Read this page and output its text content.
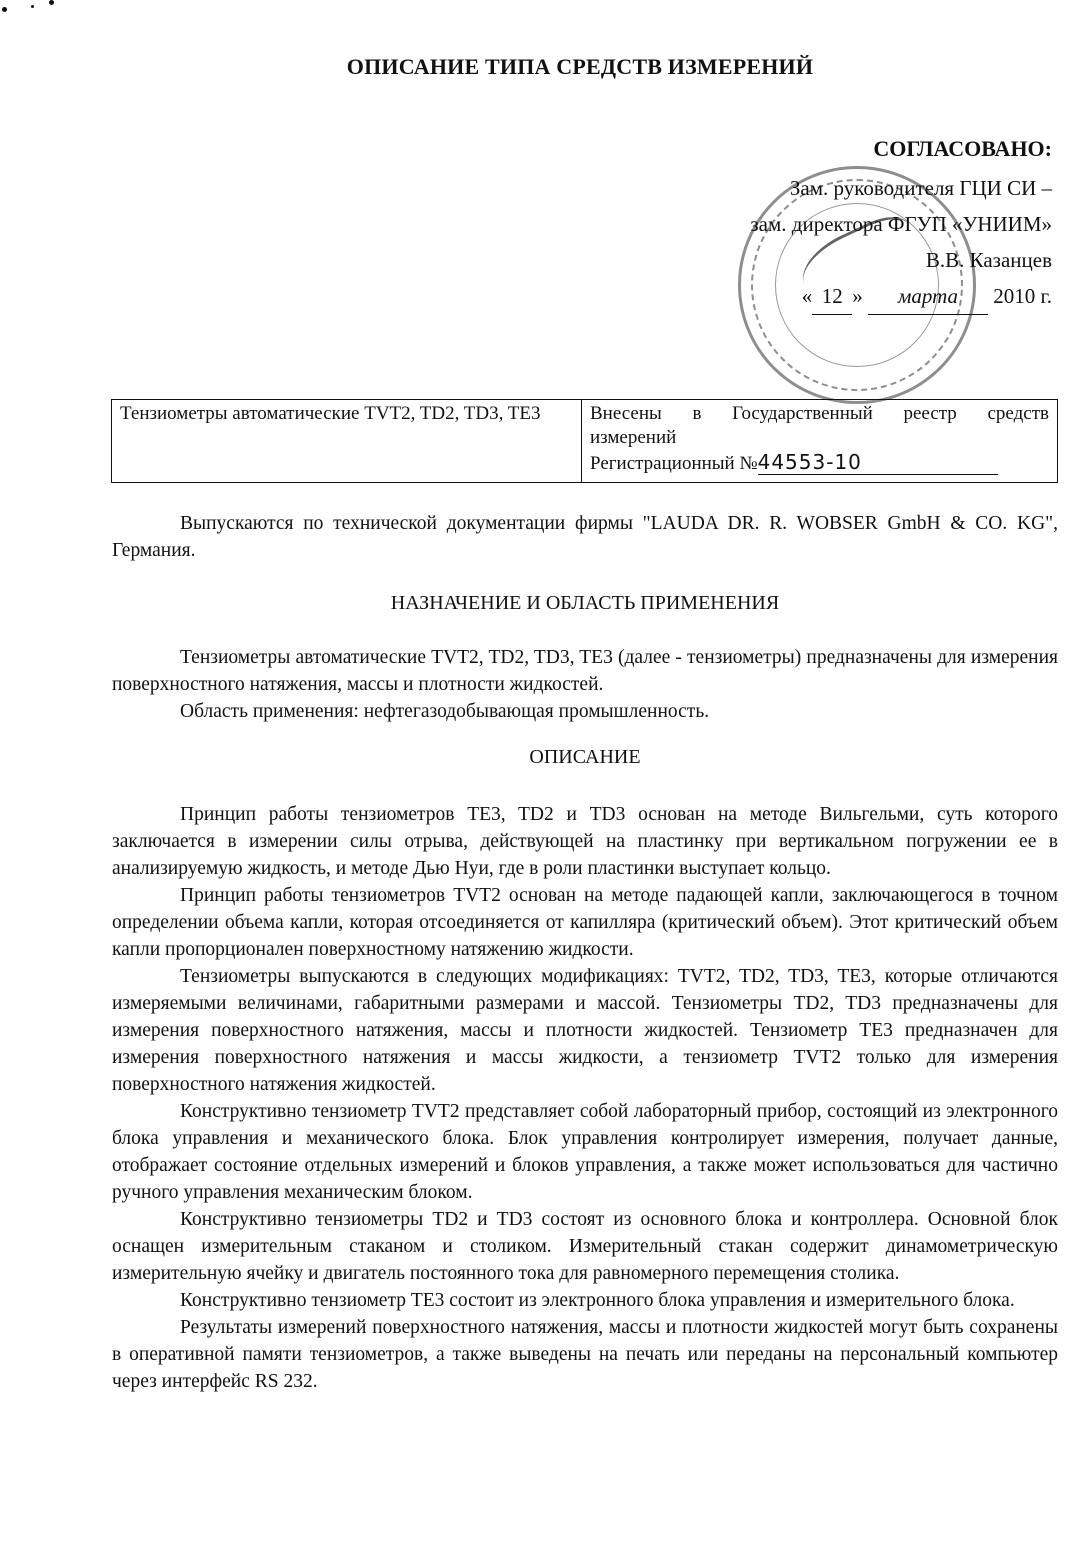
ОПИСАНИЕ ТИПА СРЕДСТВ ИЗМЕРЕНИЙ
СОГЛАСОВАНО:
Зам. руководителя ГЦИ СИ –
зам. директора ФГУП «УНИИМ»
В.В. Казанцев
« 12 » марта 2010 г.
Тензиометры автоматические TVT2, TD2, TD3, TE3	Внесены в Государственный реестр средств
измерений
Регистрационный №44553-10

Выпускаются по технической документации фирмы "LAUDA DR. R. WOBSER GmbH & CO. KG", Германия.

НАЗНАЧЕНИЕ И ОБЛАСТЬ ПРИМЕНЕНИЯ

Тензиометры автоматические TVT2, TD2, TD3, TE3 (далее - тензиометры) предназначены для измерения поверхностного натяжения, массы и плотности жидкостей.

Область применения: нефтегазодобывающая промышленность.

ОПИСАНИЕ

Принцип работы тензиометров TE3, TD2 и TD3 основан на методе Вильгельми, суть которого заключается в измерении силы отрыва, действующей на пластинку при вертикальном погружении ее в анализируемую жидкость, и методе Дью Нуи, где в роли пластинки выступает кольцо.

Принцип работы тензиометров TVT2 основан на методе падающей капли, заключающегося в точном определении объема капли, которая отсоединяется от капилляра (критический объем). Этот критический объем капли пропорционален поверхностному натяжению жидкости.

Тензиометры выпускаются в следующих модификациях: TVT2, TD2, TD3, TE3, которые отличаются измеряемыми величинами, габаритными размерами и массой. Тензиометры TD2, TD3 предназначены для измерения поверхностного натяжения, массы и плотности жидкостей. Тензиометр TE3 предназначен для измерения поверхностного натяжения и массы жидкости, а тензиометр TVT2 только для измерения поверхностного натяжения жидкостей.

Конструктивно тензиометр TVT2 представляет собой лабораторный прибор, состоящий из электронного блока управления и механического блока. Блок управления контролирует измерения, получает данные, отображает состояние отдельных измерений и блоков управления, а также может использоваться для частично ручного управления механическим блоком.

Конструктивно тензиометры TD2 и TD3 состоят из основного блока и контроллера. Основной блок оснащен измерительным стаканом и столиком. Измерительный стакан содержит динамометрическую измерительную ячейку и двигатель постоянного тока для равномерного перемещения столика.

Конструктивно тензиометр TE3 состоит из электронного блока управления и измерительного блока.

Результаты измерений поверхностного натяжения, массы и плотности жидкостей могут быть сохранены в оперативной памяти тензиометров, а также выведены на печать или переданы на персональный компьютер через интерфейс RS 232.
